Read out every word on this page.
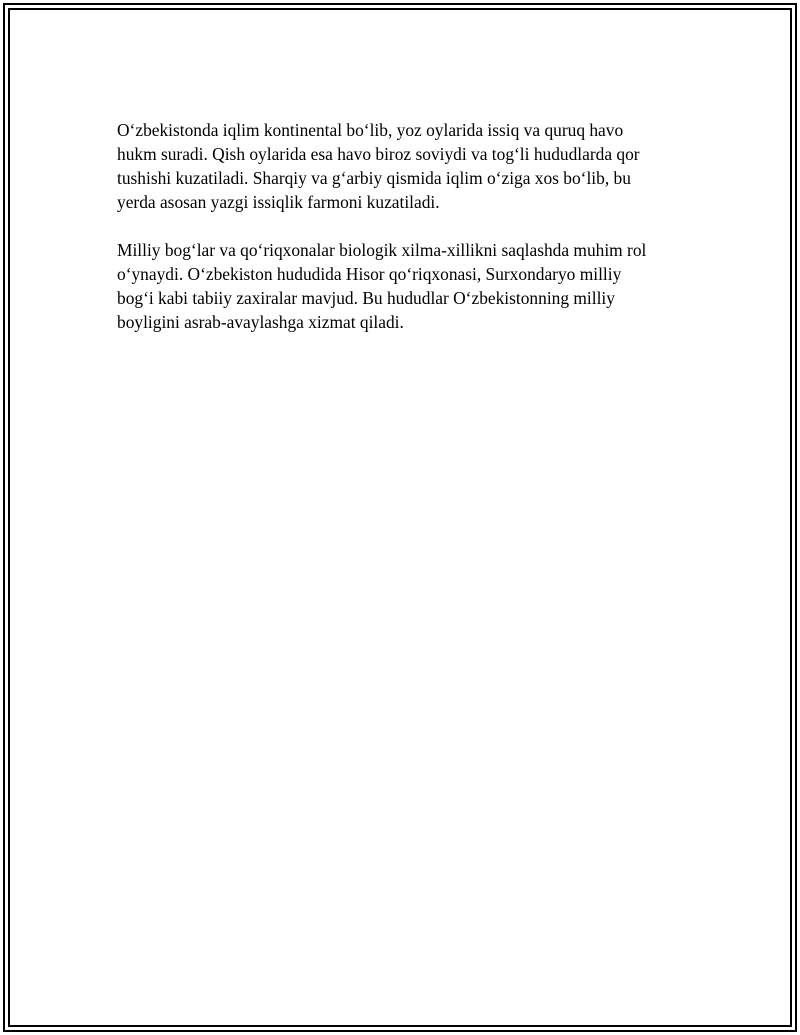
O‘zbekistonda iqlim kontinental bo‘lib, yoz oylarida issiq va quruq havo
hukm suradi. Qish oylarida esa havo biroz soviydi va tog‘li hududlarda qor
tushishi kuzatiladi. Sharqiy va g‘arbiy qismida iqlim o‘ziga xos bo‘lib, bu
yerda asosan yazgi issiqlik farmoni kuzatiladi.

Milliy bog‘lar va qo‘riqxonalar biologik xilma-xillikni saqlashda muhim rol
o‘ynaydi. O‘zbekiston hududida Hisor qo‘riqxonasi, Surxondaryo milliy
bog‘i kabi tabiiy zaxiralar mavjud. Bu hududlar O‘zbekistonning milliy
boyligini asrab-avaylashga xizmat qiladi.
